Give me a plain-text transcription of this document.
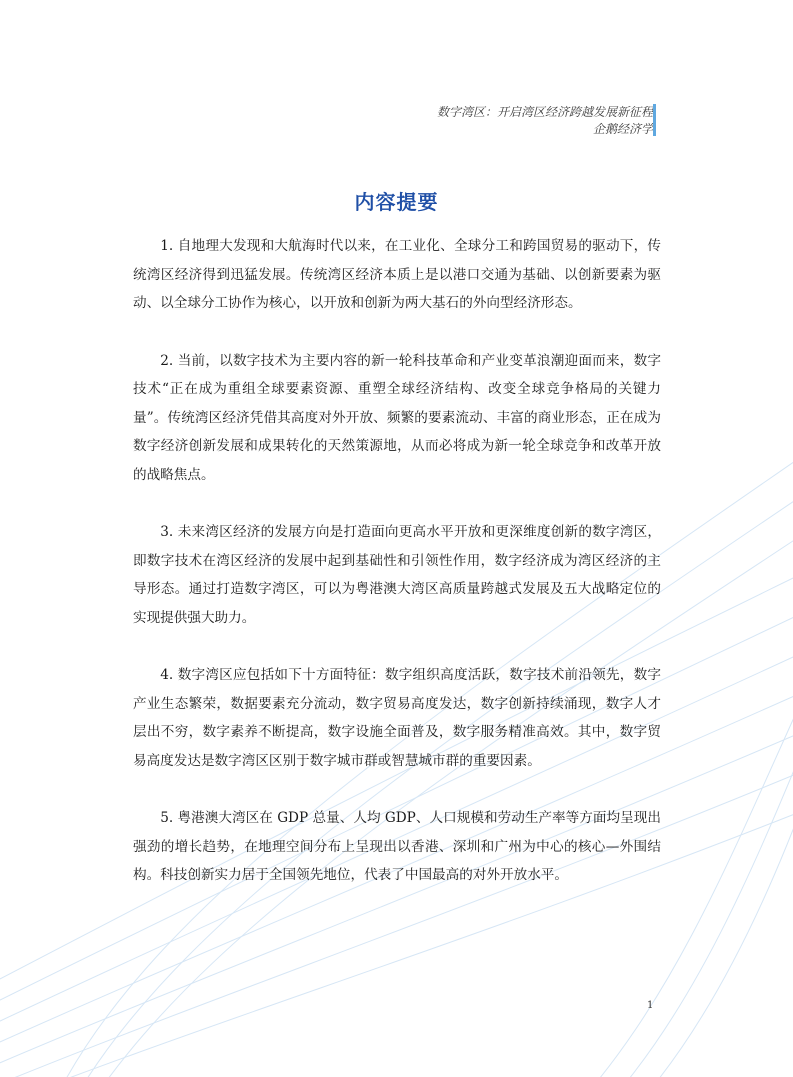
数字湾区：开启湾区经济跨越发展新征程
企鹅经济学
内容提要

1. 自地理大发现和大航海时代以来，在工业化、全球分工和跨国贸易的驱动下，传统湾区经济得到迅猛发展。传统湾区经济本质上是以港口交通为基础、以创新要素为驱动、以全球分工协作为核心，以开放和创新为两大基石的外向型经济形态。

2. 当前，以数字技术为主要内容的新一轮科技革命和产业变革浪潮迎面而来，数字技术“正在成为重组全球要素资源、重塑全球经济结构、改变全球竞争格局的关键力量”。传统湾区经济凭借其高度对外开放、频繁的要素流动、丰富的商业形态，正在成为数字经济创新发展和成果转化的天然策源地，从而必将成为新一轮全球竞争和改革开放的战略焦点。

3. 未来湾区经济的发展方向是打造面向更高水平开放和更深维度创新的数字湾区，即数字技术在湾区经济的发展中起到基础性和引领性作用，数字经济成为湾区经济的主导形态。通过打造数字湾区，可以为粤港澳大湾区高质量跨越式发展及五大战略定位的实现提供强大助力。

4. 数字湾区应包括如下十方面特征：数字组织高度活跃，数字技术前沿领先，数字产业生态繁荣，数据要素充分流动，数字贸易高度发达，数字创新持续涌现，数字人才层出不穷，数字素养不断提高，数字设施全面普及，数字服务精准高效。其中，数字贸易高度发达是数字湾区区别于数字城市群或智慧城市群的重要因素。

5. 粤港澳大湾区在 GDP 总量、人均 GDP、人口规模和劳动生产率等方面均呈现出强劲的增长趋势，在地理空间分布上呈现出以香港、深圳和广州为中心的核心—外围结构。科技创新实力居于全国领先地位，代表了中国最高的对外开放水平。

1
